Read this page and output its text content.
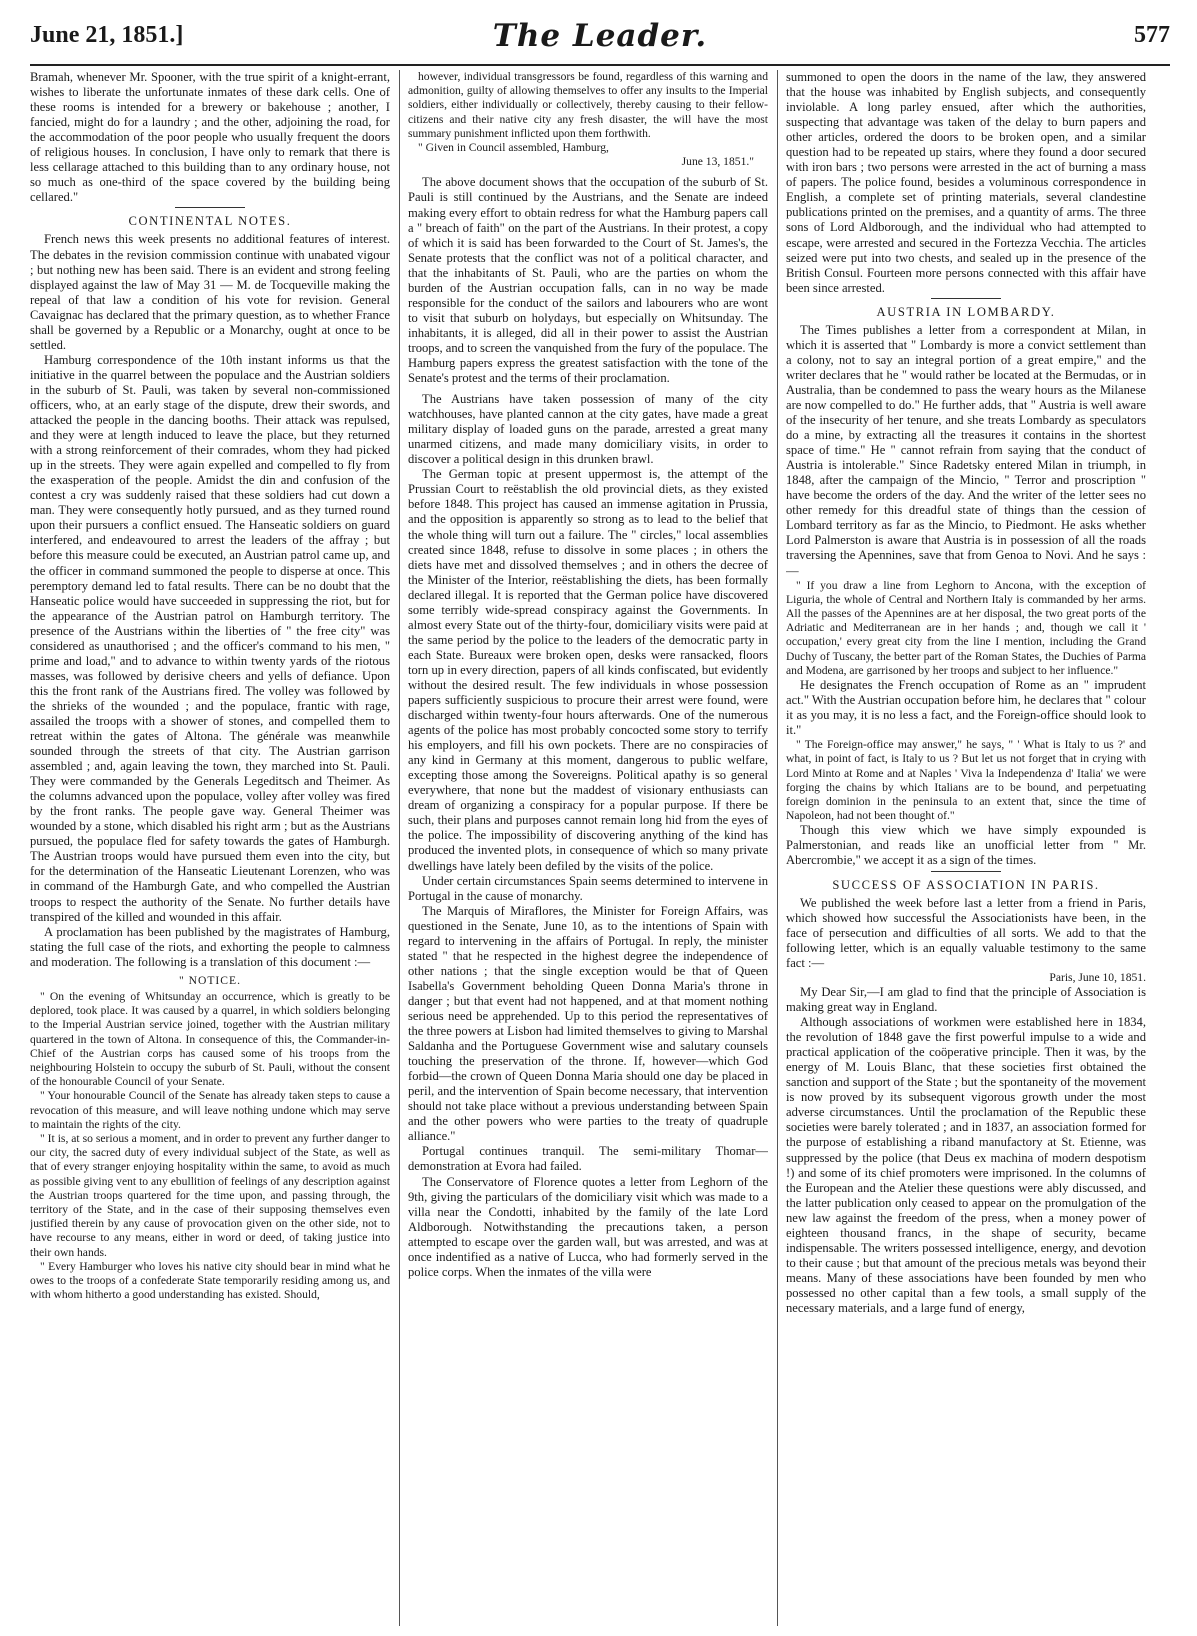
June 21, 1851.]	The Leader.	577

Bramah, whenever Mr. Spooner, with the true spirit of a knight-errant, wishes to liberate the unfortunate inmates of these dark cells. One of these rooms is intended for a brewery or bakehouse ; another, I fancied, might do for a laundry ; and the other, adjoining the road, for the accommodation of the poor people who usually frequent the doors of religious houses. In conclusion, I have only to remark that there is less cellarage attached to this building than to any ordinary house, not so much as one-third of the space covered by the building being cellared."

CONTINENTAL NOTES.

French news this week presents no additional features of interest. The debates in the revision commission continue with unabated vigour ; but nothing new has been said. There is an evident and strong feeling displayed against the law of May 31 — M. de Tocqueville making the repeal of that law a condition of his vote for revision. General Cavaignac has declared that the primary question, as to whether France shall be governed by a Republic or a Monarchy, ought at once to be settled.

Hamburg correspondence of the 10th instant informs us that the initiative in the quarrel between the populace and the Austrian soldiers in the suburb of St. Pauli, was taken by several non-commissioned officers, who, at an early stage of the dispute, drew their swords, and attacked the people in the dancing booths. Their attack was repulsed, and they were at length induced to leave the place, but they returned with a strong reinforcement of their comrades, whom they had picked up in the streets. They were again expelled and compelled to fly from the exasperation of the people. Amidst the din and confusion of the contest a cry was suddenly raised that these soldiers had cut down a man. They were consequently hotly pursued, and as they turned round upon their pursuers a conflict ensued. The Hanseatic soldiers on guard interfered, and endeavoured to arrest the leaders of the affray ; but before this measure could be executed, an Austrian patrol came up, and the officer in command summoned the people to disperse at once. This peremptory demand led to fatal results. There can be no doubt that the Hanseatic police would have succeeded in suppressing the riot, but for the appearance of the Austrian patrol on Hamburgh territory. The presence of the Austrians within the liberties of " the free city" was considered as unauthorised ; and the officer's command to his men, " prime and load," and to advance to within twenty yards of the riotous masses, was followed by derisive cheers and yells of defiance. Upon this the front rank of the Austrians fired. The volley was followed by the shrieks of the wounded ; and the populace, frantic with rage, assailed the troops with a shower of stones, and compelled them to retreat within the gates of Altona. The générale was meanwhile sounded through the streets of that city. The Austrian garrison assembled ; and, again leaving the town, they marched into St. Pauli. They were commanded by the Generals Legeditsch and Theimer. As the columns advanced upon the populace, volley after volley was fired by the front ranks. The people gave way. General Theimer was wounded by a stone, which disabled his right arm ; but as the Austrians pursued, the populace fled for safety towards the gates of Hamburgh. The Austrian troops would have pursued them even into the city, but for the determination of the Hanseatic Lieutenant Lorenzen, who was in command of the Hamburgh Gate, and who compelled the Austrian troops to respect the authority of the Senate. No further details have transpired of the killed and wounded in this affair.

A proclamation has been published by the magistrates of Hamburg, stating the full case of the riots, and exhorting the people to calmness and moderation. The following is a translation of this document :—

" NOTICE.

" On the evening of Whitsunday an occurrence, which is greatly to be deplored, took place. It was caused by a quarrel, in which soldiers belonging to the Imperial Austrian service joined, together with the Austrian military quartered in the town of Altona. In consequence of this, the Commander-in-Chief of the Austrian corps has caused some of his troops from the neighbouring Holstein to occupy the suburb of St. Pauli, without the consent of the honourable Council of your Senate.

" Your honourable Council of the Senate has already taken steps to cause a revocation of this measure, and will leave nothing undone which may serve to maintain the rights of the city.

" It is, at so serious a moment, and in order to prevent any further danger to our city, the sacred duty of every individual subject of the State, as well as that of every stranger enjoying hospitality within the same, to avoid as much as possible giving vent to any ebullition of feelings of any description against the Austrian troops quartered for the time upon, and passing through, the territory of the State, and in the case of their supposing themselves even justified therein by any cause of provocation given on the other side, not to have recourse to any means, either in word or deed, of taking justice into their own hands.

" Every Hamburger who loves his native city should bear in mind what he owes to the troops of a confederate State temporarily residing among us, and with whom hitherto a good understanding has existed. Should,

however, individual transgressors be found, regardless of this warning and admonition, guilty of allowing themselves to offer any insults to the Imperial soldiers, either individually or collectively, thereby causing to their fellow-citizens and their native city any fresh disaster, the will have the most summary punishment inflicted upon them forthwith.

" Given in Council assembled, Hamburg,

June 13, 1851."

The above document shows that the occupation of the suburb of St. Pauli is still continued by the Austrians, and the Senate are indeed making every effort to obtain redress for what the Hamburg papers call a " breach of faith" on the part of the Austrians. In their protest, a copy of which it is said has been forwarded to the Court of St. James's, the Senate protests that the conflict was not of a political character, and that the inhabitants of St. Pauli, who are the parties on whom the burden of the Austrian occupation falls, can in no way be made responsible for the conduct of the sailors and labourers who are wont to visit that suburb on holydays, but especially on Whitsunday. The inhabitants, it is alleged, did all in their power to assist the Austrian troops, and to screen the vanquished from the fury of the populace. The Hamburg papers express the greatest satisfaction with the tone of the Senate's protest and the terms of their proclamation.

The Austrians have taken possession of many of the city watchhouses, have planted cannon at the city gates, have made a great military display of loaded guns on the parade, arrested a great many unarmed citizens, and made many domiciliary visits, in order to discover a political design in this drunken brawl.

The German topic at present uppermost is, the attempt of the Prussian Court to reëstablish the old provincial diets, as they existed before 1848. This project has caused an immense agitation in Prussia, and the opposition is apparently so strong as to lead to the belief that the whole thing will turn out a failure. The " circles," local assemblies created since 1848, refuse to dissolve in some places ; in others the diets have met and dissolved themselves ; and in others the decree of the Minister of the Interior, reëstablishing the diets, has been formally declared illegal. It is reported that the German police have discovered some terribly wide-spread conspiracy against the Governments. In almost every State out of the thirty-four, domiciliary visits were paid at the same period by the police to the leaders of the democratic party in each State. Bureaux were broken open, desks were ransacked, floors torn up in every direction, papers of all kinds confiscated, but evidently without the desired result. The few individuals in whose possession papers sufficiently suspicious to procure their arrest were found, were discharged within twenty-four hours afterwards. One of the numerous agents of the police has most probably concocted some story to terrify his employers, and fill his own pockets. There are no conspiracies of any kind in Germany at this moment, dangerous to public welfare, excepting those among the Sovereigns. Political apathy is so general everywhere, that none but the maddest of visionary enthusiasts can dream of organizing a conspiracy for a popular purpose. If there be such, their plans and purposes cannot remain long hid from the eyes of the police. The impossibility of discovering anything of the kind has produced the invented plots, in consequence of which so many private dwellings have lately been defiled by the visits of the police.

Under certain circumstances Spain seems determined to intervene in Portugal in the cause of monarchy.

The Marquis of Miraflores, the Minister for Foreign Affairs, was questioned in the Senate, June 10, as to the intentions of Spain with regard to intervening in the affairs of Portugal. In reply, the minister stated " that he respected in the highest degree the independence of other nations ; that the single exception would be that of Queen Isabella's Government beholding Queen Donna Maria's throne in danger ; but that event had not happened, and at that moment nothing serious need be apprehended. Up to this period the representatives of the three powers at Lisbon had limited themselves to giving to Marshal Saldanha and the Portuguese Government wise and salutary counsels touching the preservation of the throne. If, however—which God forbid—the crown of Queen Donna Maria should one day be placed in peril, and the intervention of Spain become necessary, that intervention should not take place without a previous understanding between Spain and the other powers who were parties to the treaty of quadruple alliance."

Portugal continues tranquil. The semi-military Thomar—demonstration at Evora had failed.

The Conservatore of Florence quotes a letter from Leghorn of the 9th, giving the particulars of the domiciliary visit which was made to a villa near the Condotti, inhabited by the family of the late Lord Aldborough. Notwithstanding the precautions taken, a person attempted to escape over the garden wall, but was arrested, and was at once indentified as a native of Lucca, who had formerly served in the police corps. When the inmates of the villa were

summoned to open the doors in the name of the law, they answered that the house was inhabited by English subjects, and consequently inviolable. A long parley ensued, after which the authorities, suspecting that advantage was taken of the delay to burn papers and other articles, ordered the doors to be broken open, and a similar question had to be repeated up stairs, where they found a door secured with iron bars ; two persons were arrested in the act of burning a mass of papers. The police found, besides a voluminous correspondence in English, a complete set of printing materials, several clandestine publications printed on the premises, and a quantity of arms. The three sons of Lord Aldborough, and the individual who had attempted to escape, were arrested and secured in the Fortezza Vecchia. The articles seized were put into two chests, and sealed up in the presence of the British Consul. Fourteen more persons connected with this affair have been since arrested.

AUSTRIA IN LOMBARDY.

The Times publishes a letter from a correspondent at Milan, in which it is asserted that " Lombardy is more a convict settlement than a colony, not to say an integral portion of a great empire," and the writer declares that he " would rather be located at the Bermudas, or in Australia, than be condemned to pass the weary hours as the Milanese are now compelled to do." He further adds, that " Austria is well aware of the insecurity of her tenure, and she treats Lombardy as speculators do a mine, by extracting all the treasures it contains in the shortest space of time." He " cannot refrain from saying that the conduct of Austria is intolerable." Since Radetsky entered Milan in triumph, in 1848, after the campaign of the Mincio, " Terror and proscription " have become the orders of the day. And the writer of the letter sees no other remedy for this dreadful state of things than the cession of Lombard territory as far as the Mincio, to Piedmont. He asks whether Lord Palmerston is aware that Austria is in possession of all the roads traversing the Apennines, save that from Genoa to Novi. And he says :—

" If you draw a line from Leghorn to Ancona, with the exception of Liguria, the whole of Central and Northern Italy is commanded by her arms. All the passes of the Apennines are at her disposal, the two great ports of the Adriatic and Mediterranean are in her hands ; and, though we call it ' occupation,' every great city from the line I mention, including the Grand Duchy of Tuscany, the better part of the Roman States, the Duchies of Parma and Modena, are garrisoned by her troops and subject to her influence."

He designates the French occupation of Rome as an " imprudent act." With the Austrian occupation before him, he declares that " colour it as you may, it is no less a fact, and the Foreign-office should look to it."

" The Foreign-office may answer," he says, " ' What is Italy to us ?' and what, in point of fact, is Italy to us ? But let us not forget that in crying with Lord Minto at Rome and at Naples ' Viva la Independenza d' Italia' we were forging the chains by which Italians are to be bound, and perpetuating foreign dominion in the peninsula to an extent that, since the time of Napoleon, had not been thought of."

Though this view which we have simply expounded is Palmerstonian, and reads like an unofficial letter from " Mr. Abercrombie," we accept it as a sign of the times.

SUCCESS OF ASSOCIATION IN PARIS.

We published the week before last a letter from a friend in Paris, which showed how successful the Associationists have been, in the face of persecution and difficulties of all sorts. We add to that the following letter, which is an equally valuable testimony to the same fact :—

Paris, June 10, 1851.

My Dear Sir,—I am glad to find that the principle of Association is making great way in England.

Although associations of workmen were established here in 1834, the revolution of 1848 gave the first powerful impulse to a wide and practical application of the coöperative principle. Then it was, by the energy of M. Louis Blanc, that these societies first obtained the sanction and support of the State ; but the spontaneity of the movement is now proved by its subsequent vigorous growth under the most adverse circumstances. Until the proclamation of the Republic these societies were barely tolerated ; and in 1837, an association formed for the purpose of establishing a riband manufactory at St. Etienne, was suppressed by the police (that Deus ex machina of modern despotism !) and some of its chief promoters were imprisoned. In the columns of the European and the Atelier these questions were ably discussed, and the latter publication only ceased to appear on the promulgation of the new law against the freedom of the press, when a money power of eighteen thousand francs, in the shape of security, became indispensable. The writers possessed intelligence, energy, and devotion to their cause ; but that amount of the precious metals was beyond their means. Many of these associations have been founded by men who possessed no other capital than a few tools, a small supply of the necessary materials, and a large fund of energy,
